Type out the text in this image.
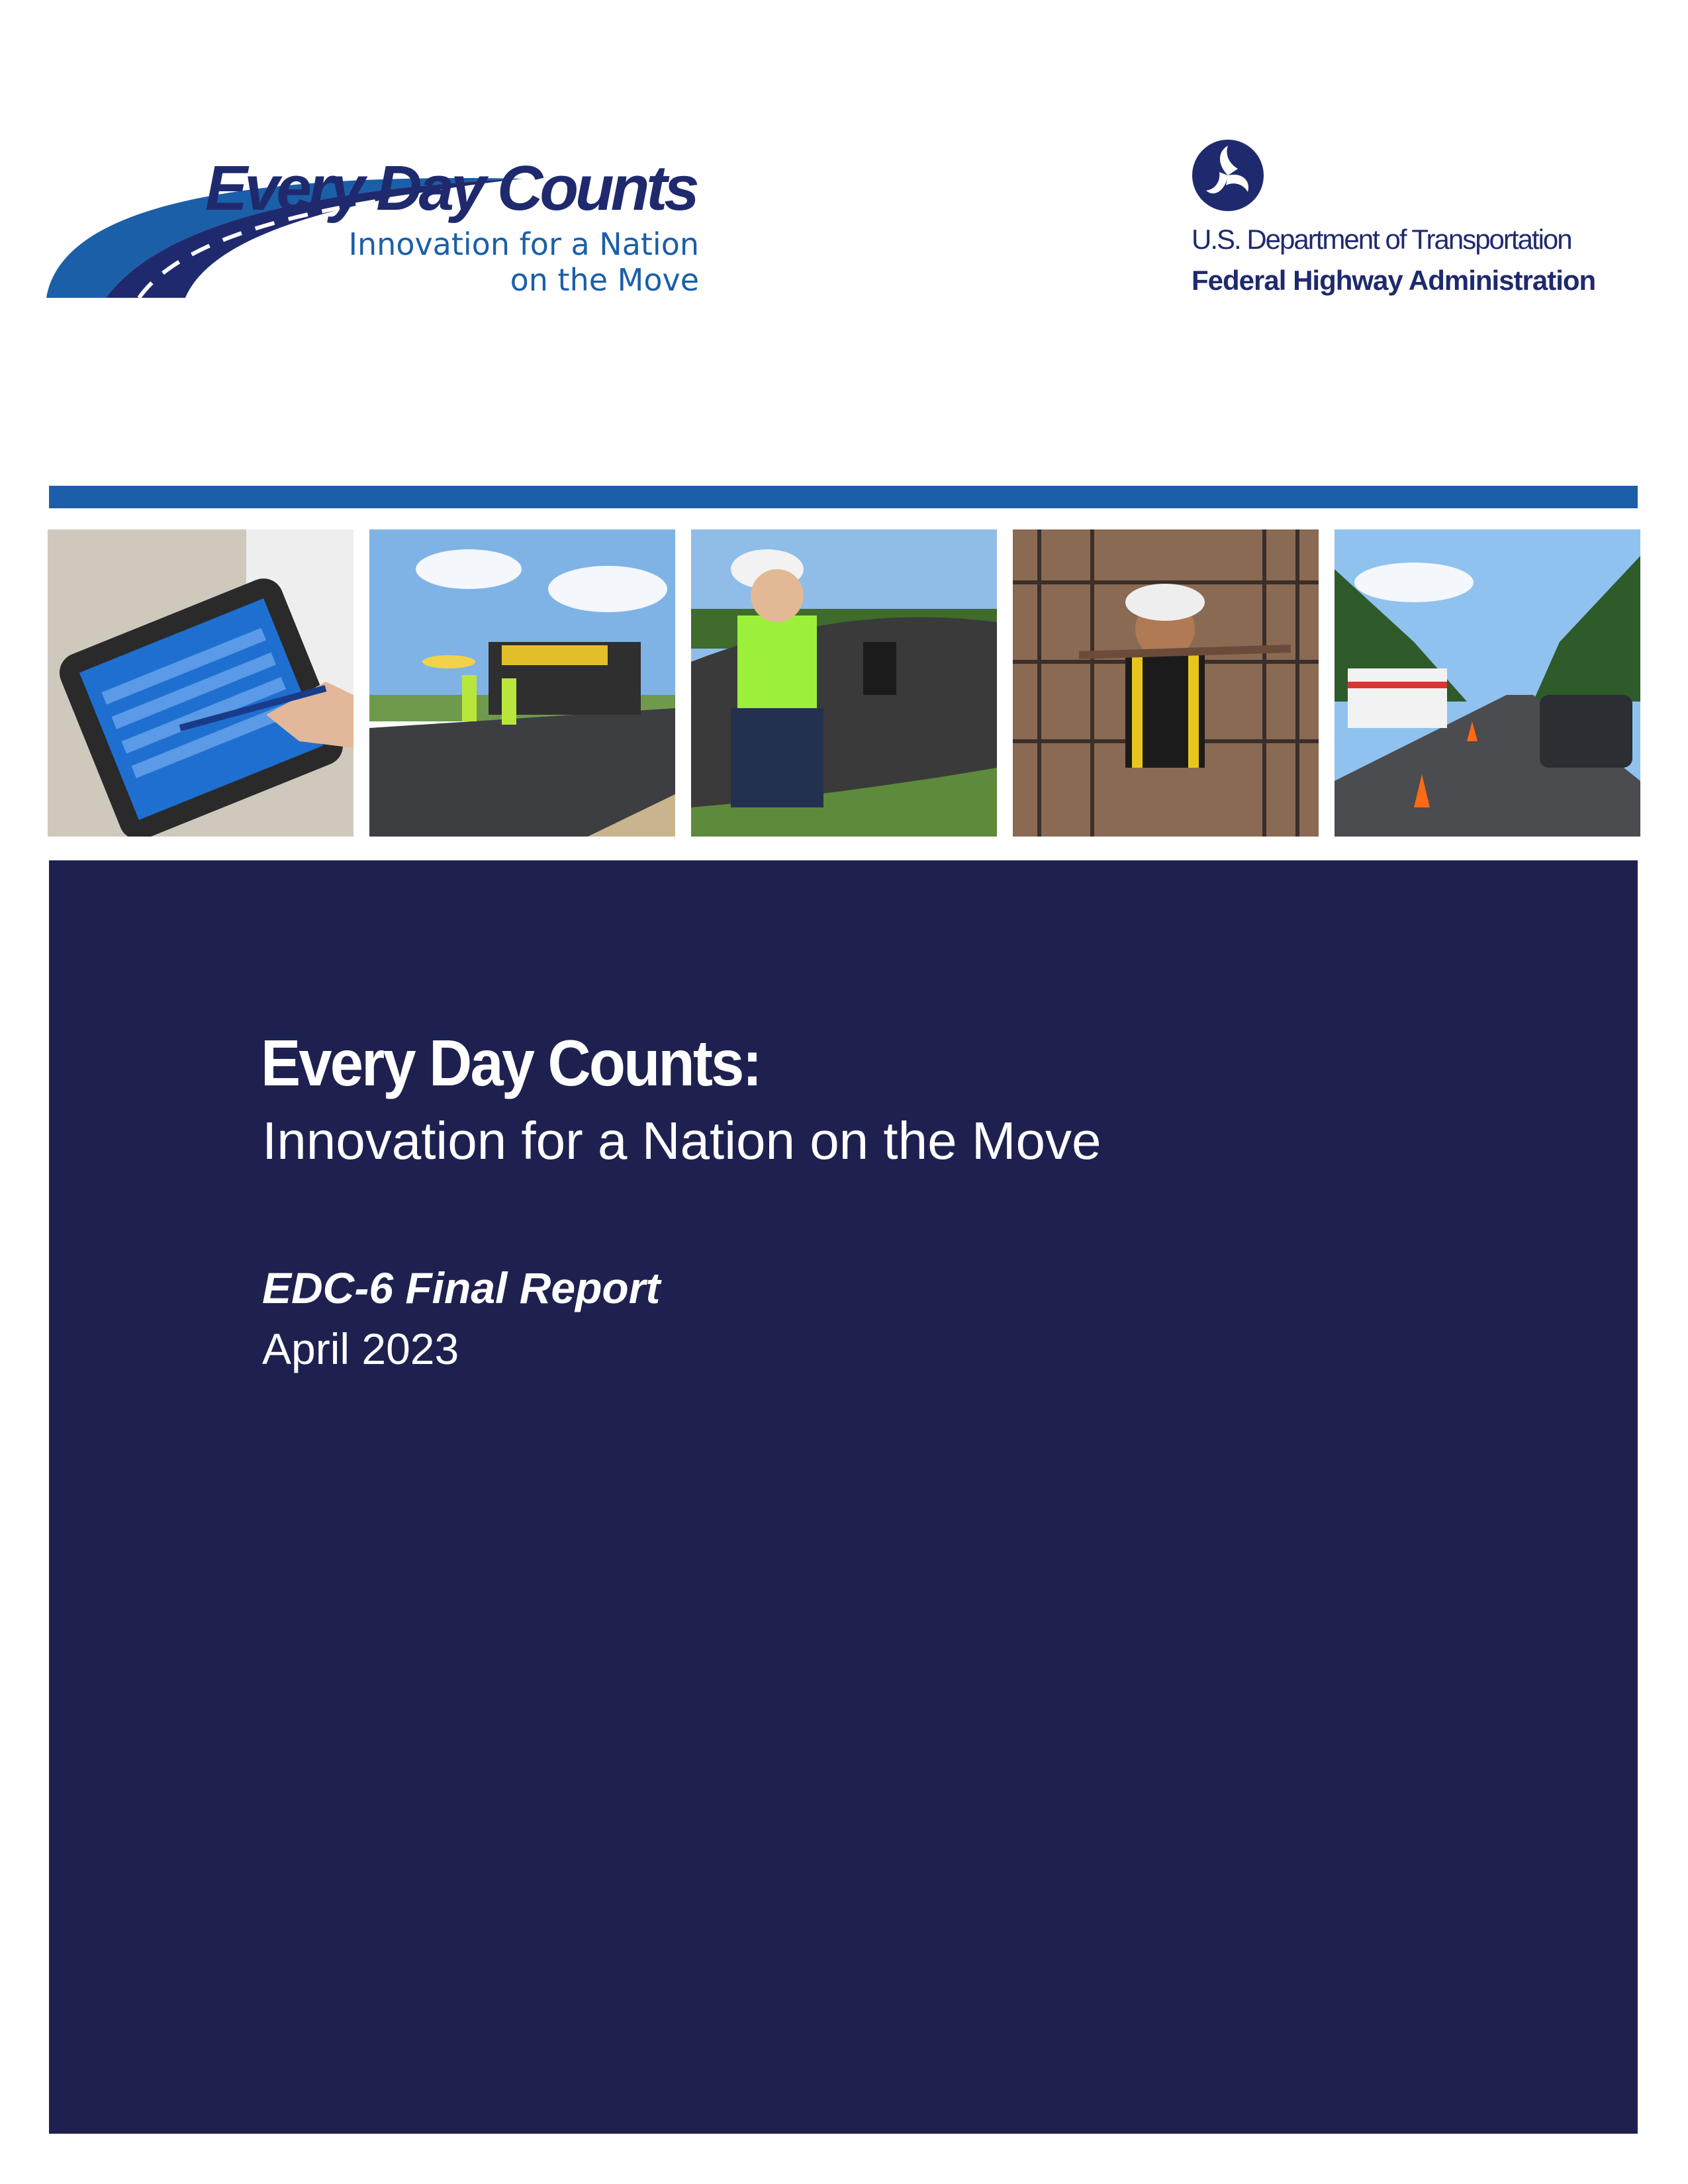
Every Day Counts
Innovation for a Nation
on the Move
U.S. Department of Transportation
Federal Highway Administration
Every Day Counts:
Innovation for a Nation on the Move
EDC-6 Final Report
April 2023
